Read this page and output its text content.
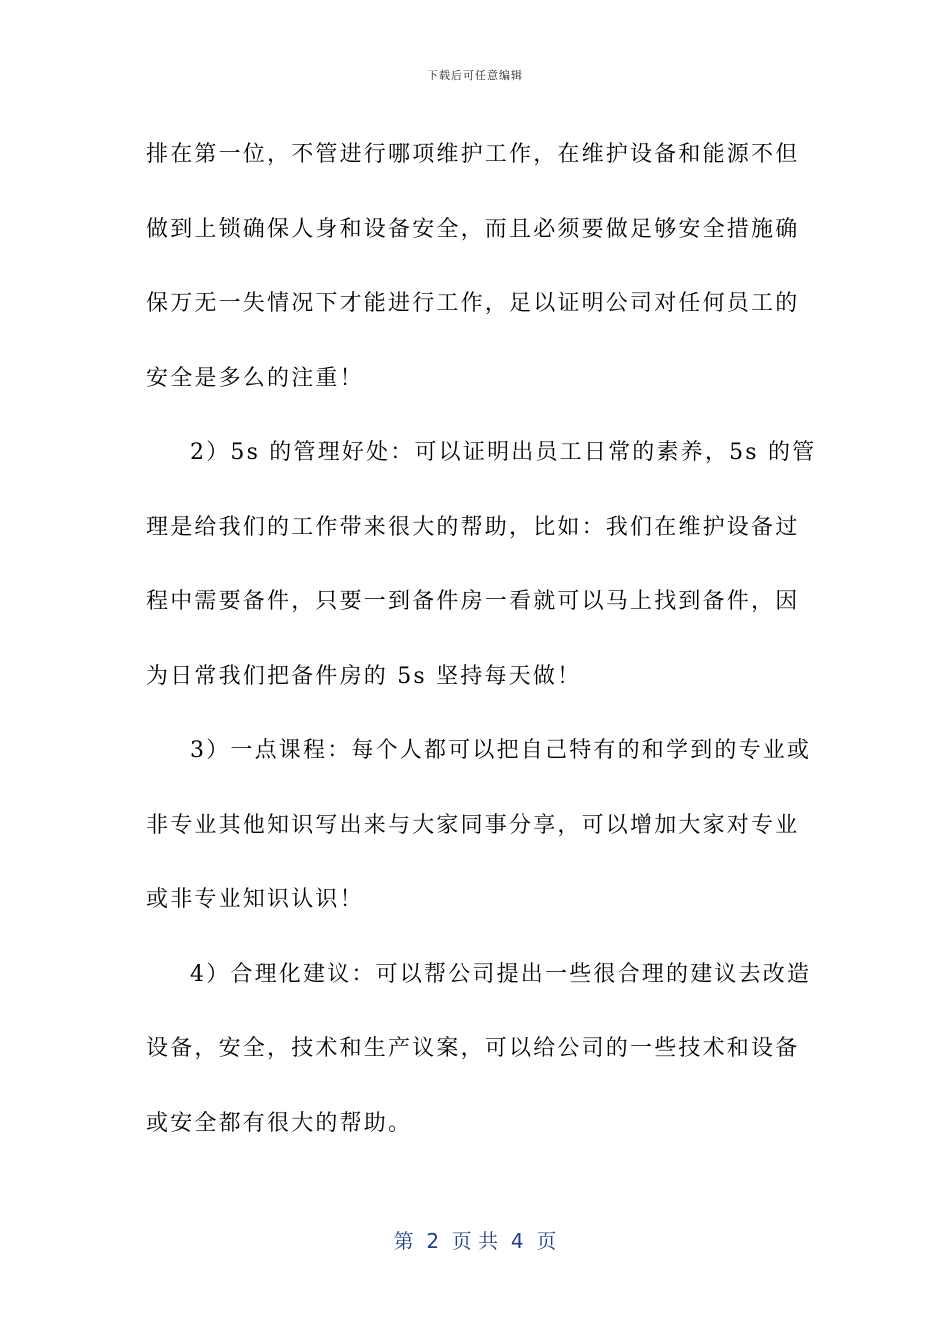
下载后可任意编辑

排在第一位，不管进行哪项维护工作，在维护设备和能源不但
做到上锁确保人身和设备安全，而且必须要做足够安全措施确
保万无一失情况下才能进行工作，足以证明公司对任何员工的
安全是多么的注重！

2）5s 的管理好处：可以证明出员工日常的素养，5s 的管
理是给我们的工作带来很大的帮助，比如：我们在维护设备过
程中需要备件，只要一到备件房一看就可以马上找到备件，因
为日常我们把备件房的 5s 坚持每天做！

3）一点课程：每个人都可以把自己特有的和学到的专业或
非专业其他知识写出来与大家同事分享，可以增加大家对专业
或非专业知识认识！

4）合理化建议：可以帮公司提出一些很合理的建议去改造
设备，安全，技术和生产议案，可以给公司的一些技术和设备
或安全都有很大的帮助。

第  2  页 共  4  页
